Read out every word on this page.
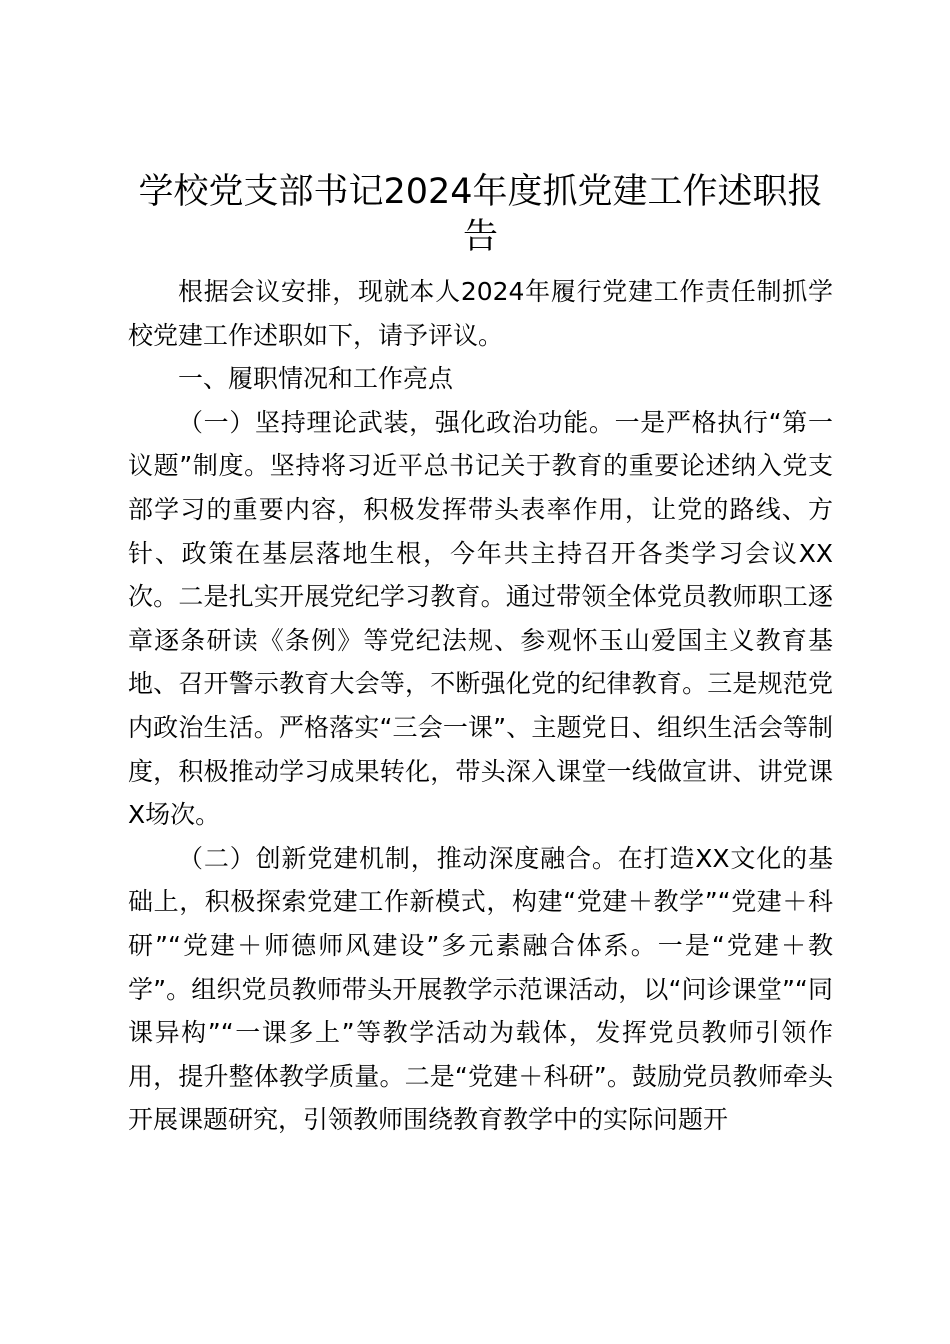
学校党支部书记2024年度抓党建工作述职报告

根据会议安排，现就本人2024年履行党建工作责任制抓学校党建工作述职如下，请予评议。

一、履职情况和工作亮点

（一）坚持理论武装，强化政治功能。一是严格执行“第一议题”制度。坚持将习近平总书记关于教育的重要论述纳入党支部学习的重要内容，积极发挥带头表率作用，让党的路线、方针、政策在基层落地生根，今年共主持召开各类学习会议XX次。二是扎实开展党纪学习教育。通过带领全体党员教师职工逐章逐条研读《条例》等党纪法规、参观怀玉山爱国主义教育基地、召开警示教育大会等，不断强化党的纪律教育。三是规范党内政治生活。严格落实“三会一课”、主题党日、组织生活会等制度，积极推动学习成果转化，带头深入课堂一线做宣讲、讲党课X场次。

（二）创新党建机制，推动深度融合。在打造XX文化的基础上，积极探索党建工作新模式，构建“党建＋教学”“党建＋科研”“党建＋师德师风建设”多元素融合体系。一是“党建＋教学”。组织党员教师带头开展教学示范课活动，以“问诊课堂”“同课异构”“一课多上”等教学活动为载体，发挥党员教师引领作用，提升整体教学质量。二是“党建＋科研”。鼓励党员教师牵头开展课题研究，引领教师围绕教育教学中的实际问题开
